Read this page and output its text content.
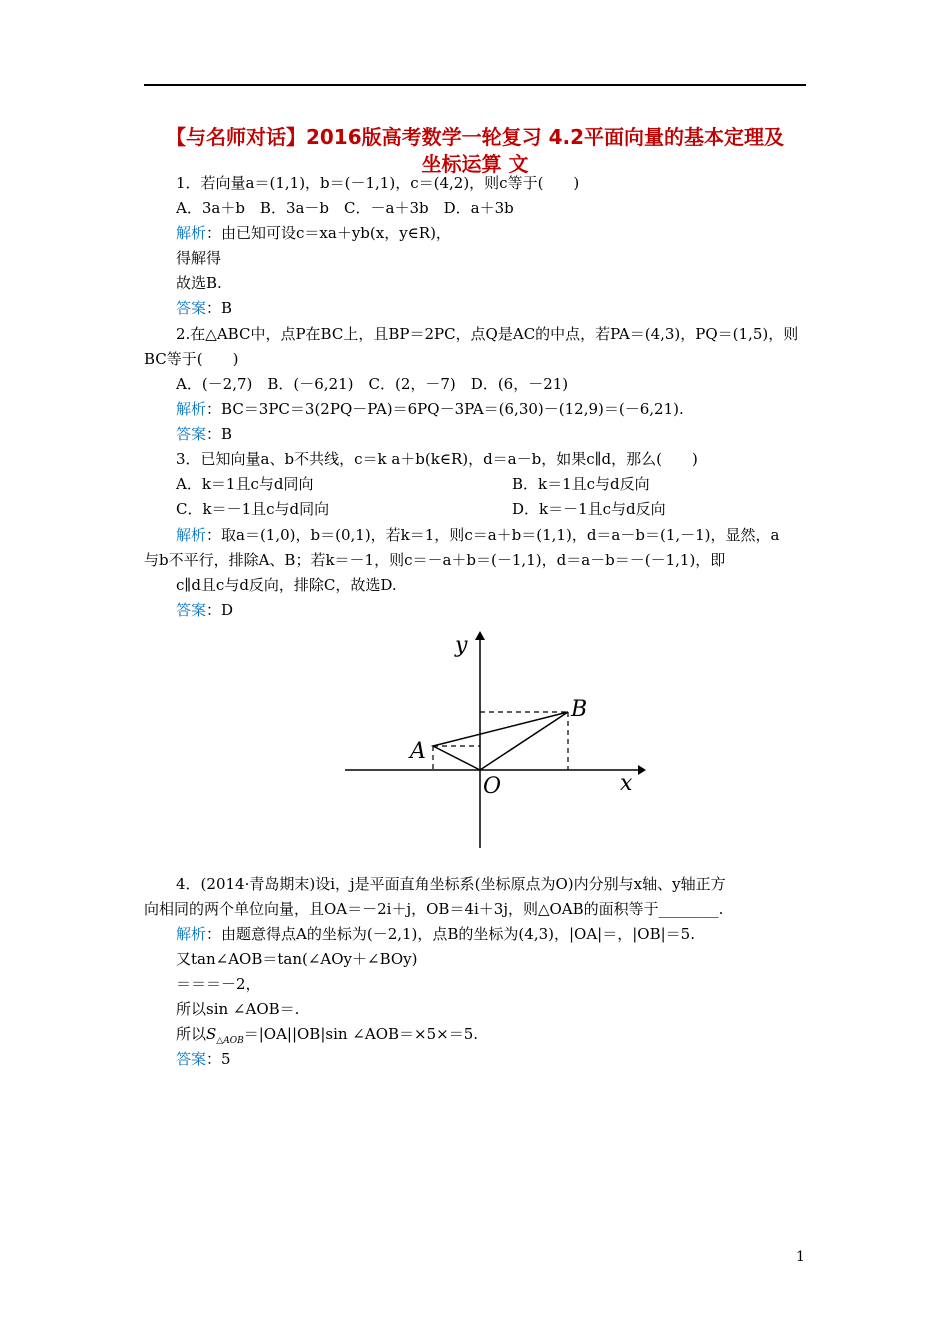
【与名师对话】2016版高考数学一轮复习 4.2平面向量的基本定理及
坐标运算 文
1．若向量a＝(1,1)，b＝(－1,1)，c＝(4,2)，则c等于(　　)
A．3a＋b　B．3a－b　C．－a＋3b　D．a＋3b
解析：由已知可设c＝xa＋yb(x，y∈R)，
得解得
故选B.
答案：B
2.在△ABC中，点P在BC上，且BP＝2PC，点Q是AC的中点，若PA＝(4,3)，PQ＝(1,5)，则
BC等于(　　)
A．(－2,7)　B．(－6,21)　C．(2，－7)　D．(6，－21)
解析：BC＝3PC＝3(2PQ－PA)＝6PQ－3PA＝(6,30)－(12,9)＝(－6,21).
答案：B
3．已知向量a、b不共线，c＝k a＋b(k∈R)，d＝a－b，如果c∥d，那么(　　)
A．k＝1且c与d同向	B．k＝1且c与d反向
C．k＝－1且c与d同向	D．k＝－1且c与d反向
解析：取a＝(1,0)，b＝(0,1)，若k＝1，则c＝a＋b＝(1,1)，d＝a－b＝(1,－1)，显然，a
与b不平行，排除A、B；若k＝－1，则c＝－a＋b＝(－1,1)，d＝a－b＝－(－1,1)，即
c∥d且c与d反向，排除C，故选D.
答案：D
y
x
O
A
B
4．(2014·青岛期末)设i，j是平面直角坐标系(坐标原点为O)内分别与x轴、y轴正方
向相同的两个单位向量，且OA＝－2i＋j，OB＝4i＋3j，则△OAB的面积等于________.
解析：由题意得点A的坐标为(－2,1)，点B的坐标为(4,3)，|OA|＝，|OB|＝5.
又tan∠AOB＝tan(∠AOy＋∠BOy)
＝＝＝－2，
所以sin ∠AOB＝.
所以$S_{\triangle AOB}=|OA||OB|\sin$ ∠AOB＝×5×＝5.
答案：5
1
